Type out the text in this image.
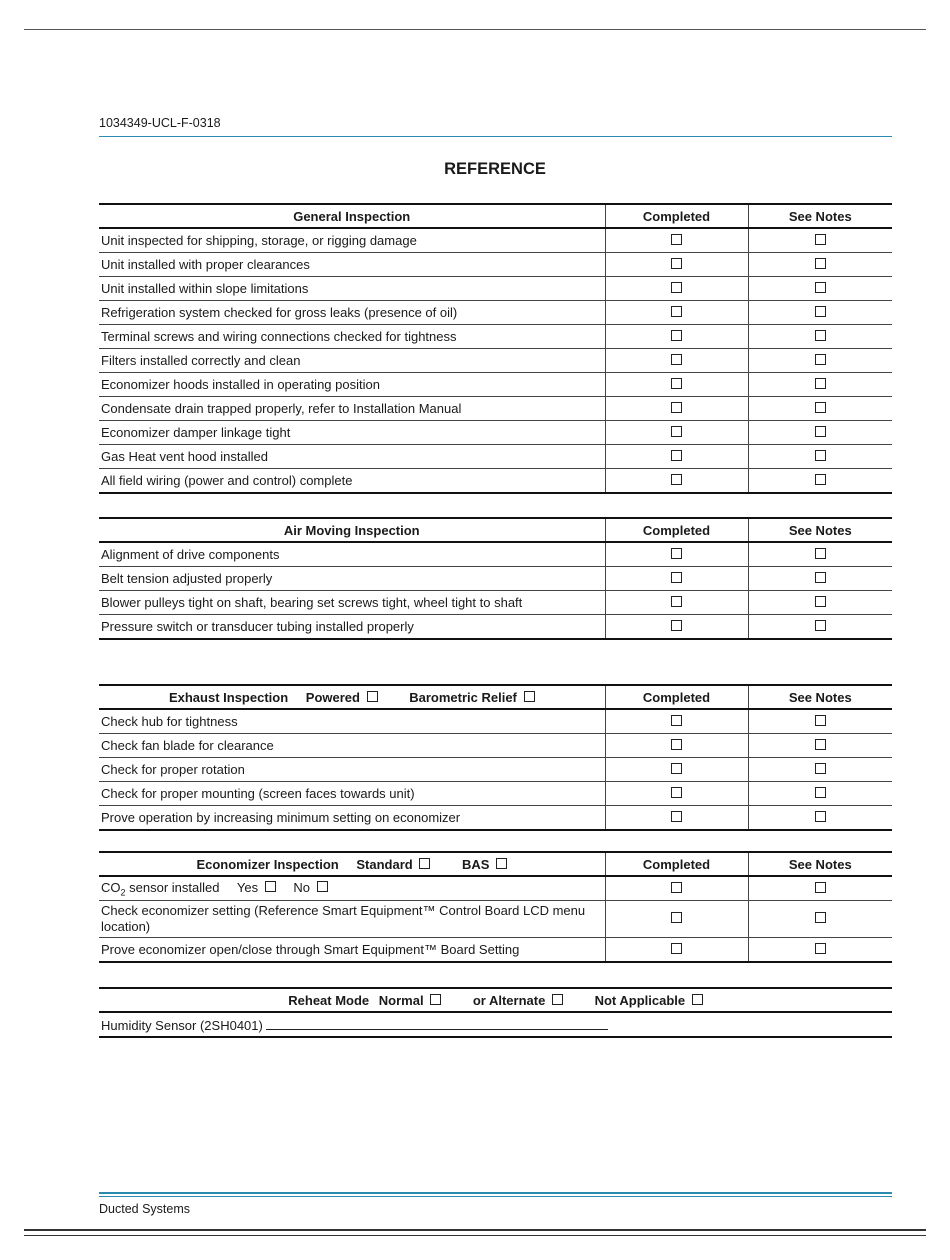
1034349-UCL-F-0318
REFERENCE
General Inspection	Completed	See Notes
Unit inspected for shipping, storage, or rigging damage		
Unit installed with proper clearances		
Unit installed within slope limitations		
Refrigeration system checked for gross leaks (presence of oil)		
Terminal screws and wiring connections checked for tightness		
Filters installed correctly and clean		
Economizer hoods installed in operating position		
Condensate drain trapped properly, refer to Installation Manual		
Economizer damper linkage tight		
Gas Heat vent hood installed		
All field wiring (power and control) complete		
Air Moving Inspection	Completed	See Notes
Alignment of drive components		
Belt tension adjusted properly		
Blower pulleys tight on shaft, bearing set screws tight, wheel tight to shaft		
Pressure switch or transducer tubing installed properly		
Exhaust Inspection Powered Barometric Relief	Completed	See Notes
Check hub for tightness		
Check fan blade for clearance		
Check for proper rotation		
Check for proper mounting (screen faces towards unit)		
Prove operation by increasing minimum setting on economizer		
Economizer Inspection Standard BAS	Completed	See Notes
$CO_2$ sensor installed Yes No		
Check economizer setting (Reference Smart Equipment™ Control Board LCD menu location)		
Prove economizer open/close through Smart Equipment™ Board Setting		
Reheat Mode Normal	or Alternate	Not Applicable
Humidity Sensor (2SH0401)
Ducted Systems
